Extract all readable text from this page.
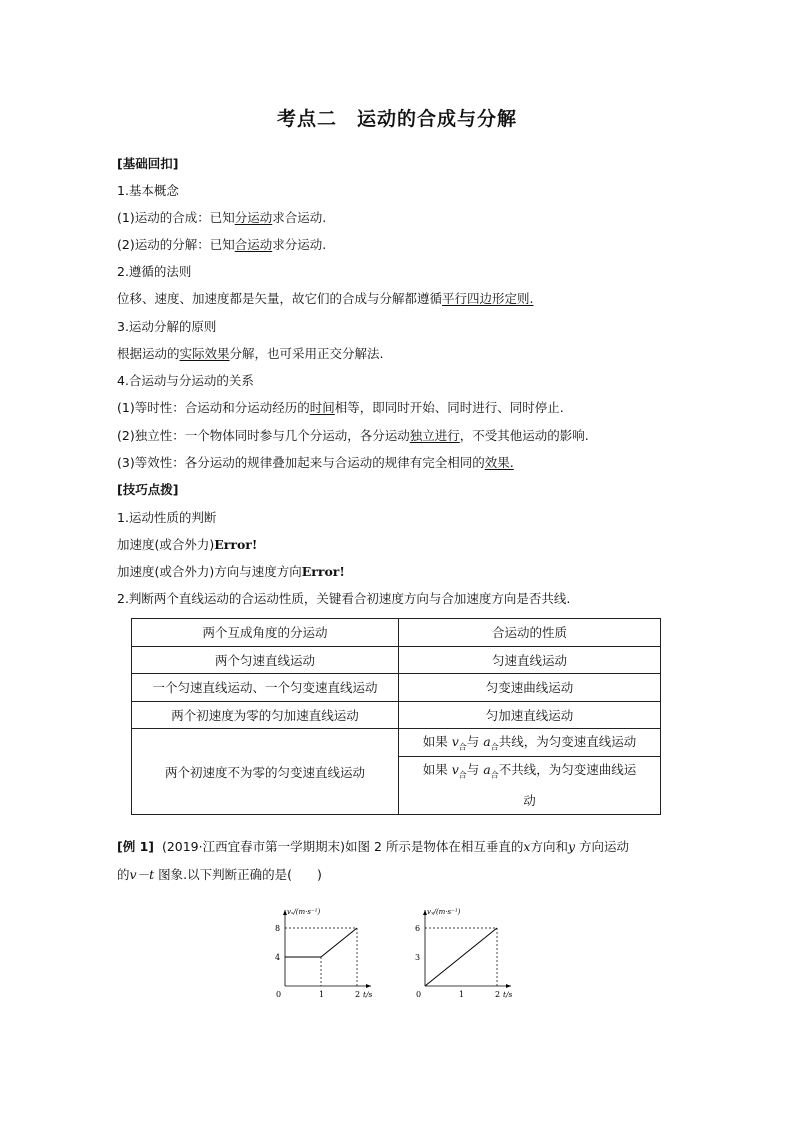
考点二　运动的合成与分解
[基础回扣]
1.基本概念
(1)运动的合成：已知分运动求合运动.
(2)运动的分解：已知合运动求分运动.
2.遵循的法则
位移、速度、加速度都是矢量，故它们的合成与分解都遵循平行四边形定则.
3.运动分解的原则
根据运动的实际效果分解，也可采用正交分解法.
4.合运动与分运动的关系
(1)等时性：合运动和分运动经历的时间相等，即同时开始、同时进行、同时停止.
(2)独立性：一个物体同时参与几个分运动，各分运动独立进行，不受其他运动的影响.
(3)等效性：各分运动的规律叠加起来与合运动的规律有完全相同的效果.
[技巧点拨]
1.运动性质的判断
加速度(或合外力)Error!
加速度(或合外力)方向与速度方向Error!
2.判断两个直线运动的合运动性质，关键看合初速度方向与合加速度方向是否共线.
两个互成角度的分运动	合运动的性质
两个匀速直线运动	匀速直线运动
一个匀速直线运动、一个匀变速直线运动	匀变速曲线运动
两个初速度为零的匀加速直线运动	匀加速直线运动
两个初速度不为零的匀变速直线运动	如果 $v_合$与 $a_合$共线，为匀变速直线运动
	如果 $v_合$与 $a_合$不共线，为匀变速曲线运
动
[例 1] (2019·江西宜春市第一学期期末)如图 2 所示是物体在相互垂直的x方向和y 方向运动
的v－t 图象.以下判断正确的是(　　)
vₓ/(m·s⁻¹)
t/s
0	1	2
4
8
vᵧ/(m·s⁻¹)
t/s
0	1	2
3
6
